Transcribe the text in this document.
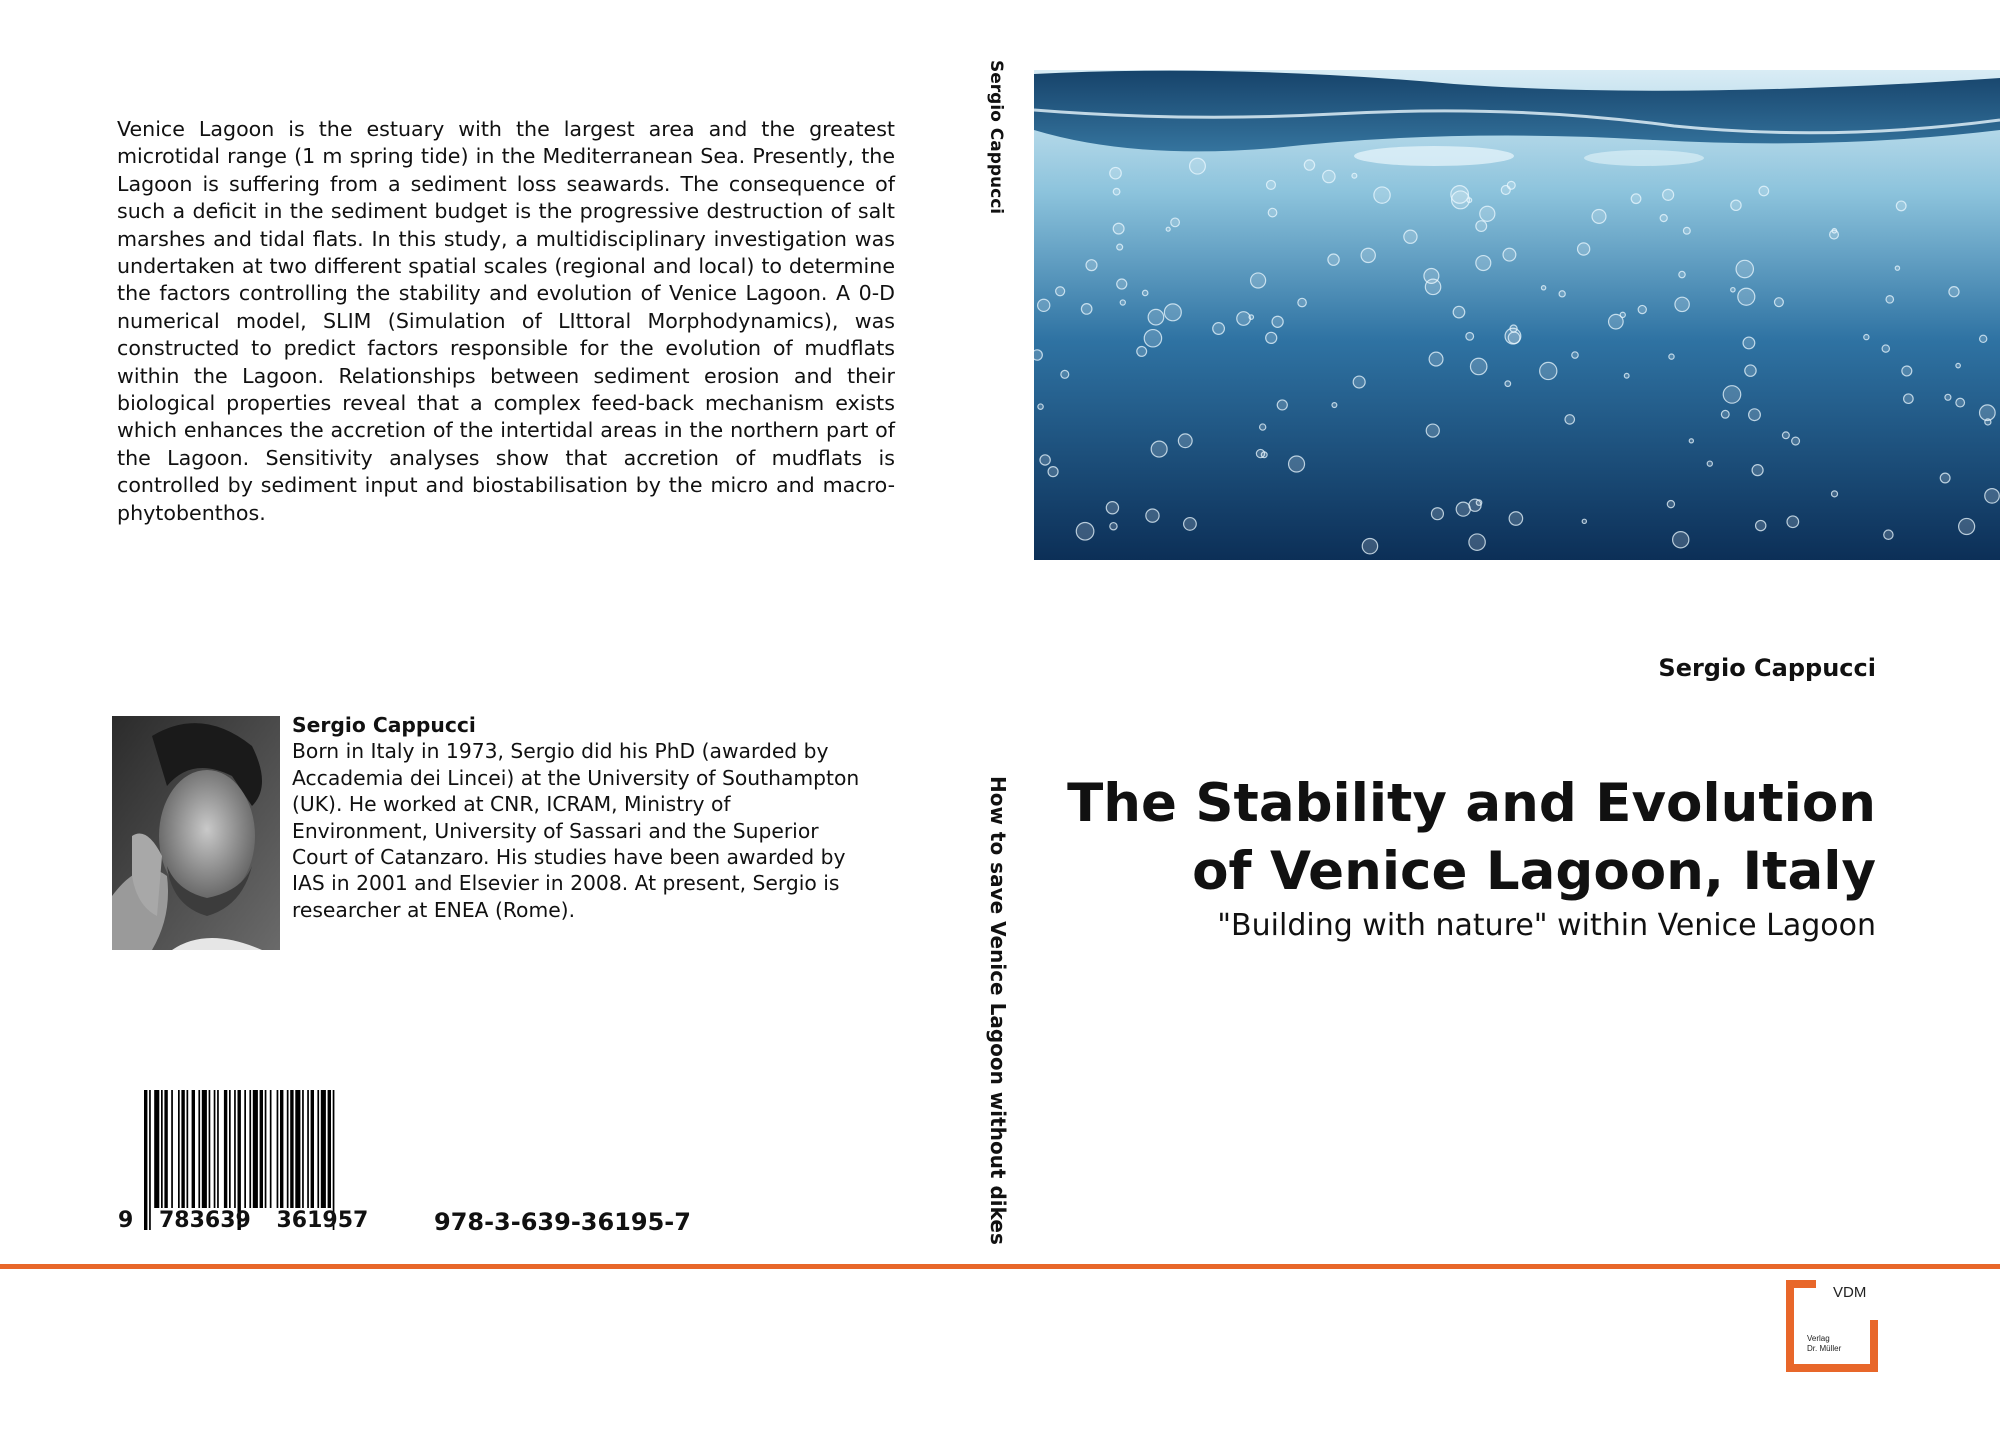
Venice Lagoon is the estuary with the largest area and the greatest microtidal range (1 m spring tide) in the Mediterranean Sea. Presently, the Lagoon is suffering from a sediment loss seawards. The consequence of such a deficit in the sediment budget is the progressive destruction of salt marshes and tidal flats. In this study, a multidisciplinary investigation was undertaken at two different spatial scales (regional and local) to determine the factors controlling the stability and evolution of Venice Lagoon. A 0-D numerical model, SLIM (Simulation of LIttoral Morphodynamics), was constructed to predict factors responsible for the evolution of mudflats within the Lagoon. Relationships between sediment erosion and their biological properties reveal that a complex feed-back mechanism exists which enhances the accretion of the intertidal areas in the northern part of the Lagoon. Sensitivity analyses show that accretion of mudflats is controlled by sediment input and biostabilisation by the micro and macro-phytobenthos.
Sergio Cappucci
Born in Italy in 1973, Sergio did his PhD (awarded by Accademia dei Lincei) at the University of Southampton (UK). He worked at CNR, ICRAM, Ministry of Environment, University of Sassari and the Superior Court of Catanzaro. His studies have been awarded by IAS in 2001 and Elsevier in 2008. At present, Sergio is researcher at ENEA (Rome).
9 783639 361957	978-3-639-36195-7
Sergio Cappucci
How to save Venice Lagoon without dikes
Sergio Cappucci
The Stability and Evolution
of Venice Lagoon, Italy
"Building with nature" within Venice Lagoon
VDM
Verlag
Dr. Müller
